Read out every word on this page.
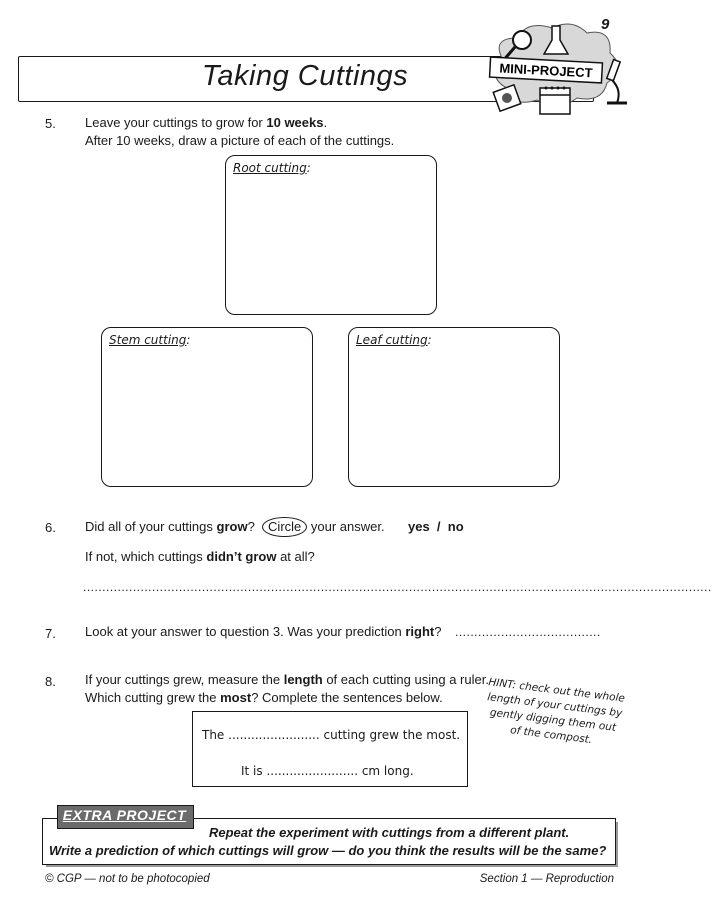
9
Taking Cuttings	MINI-PROJECT
5. Leave your cuttings to grow for 10 weeks.
After 10 weeks, draw a picture of each of the cuttings.
Root cutting:
Stem cutting:	Leaf cutting:
6. Did all of your cuttings grow? Circle your answer. yes  /  no
If not, which cuttings didn’t grow at all?
....................................................................................................................................................................
7. Look at your answer to question 3. Was your prediction right? ......................................
8. If your cuttings grew, measure the length of each cutting using a ruler.
Which cutting grew the most? Complete the sentences below.	HINT: check out the whole length of your cuttings by gently digging them out of the compost.
The ........................ cutting grew the most.
It is ........................ cm long.
Repeat the experiment with cuttings from a different plant.
Write a prediction of which cuttings will grow — do you think the results will be the same?
EXTRA PROJECT
© CGP — not to be photocopied	Section 1 — Reproduction
